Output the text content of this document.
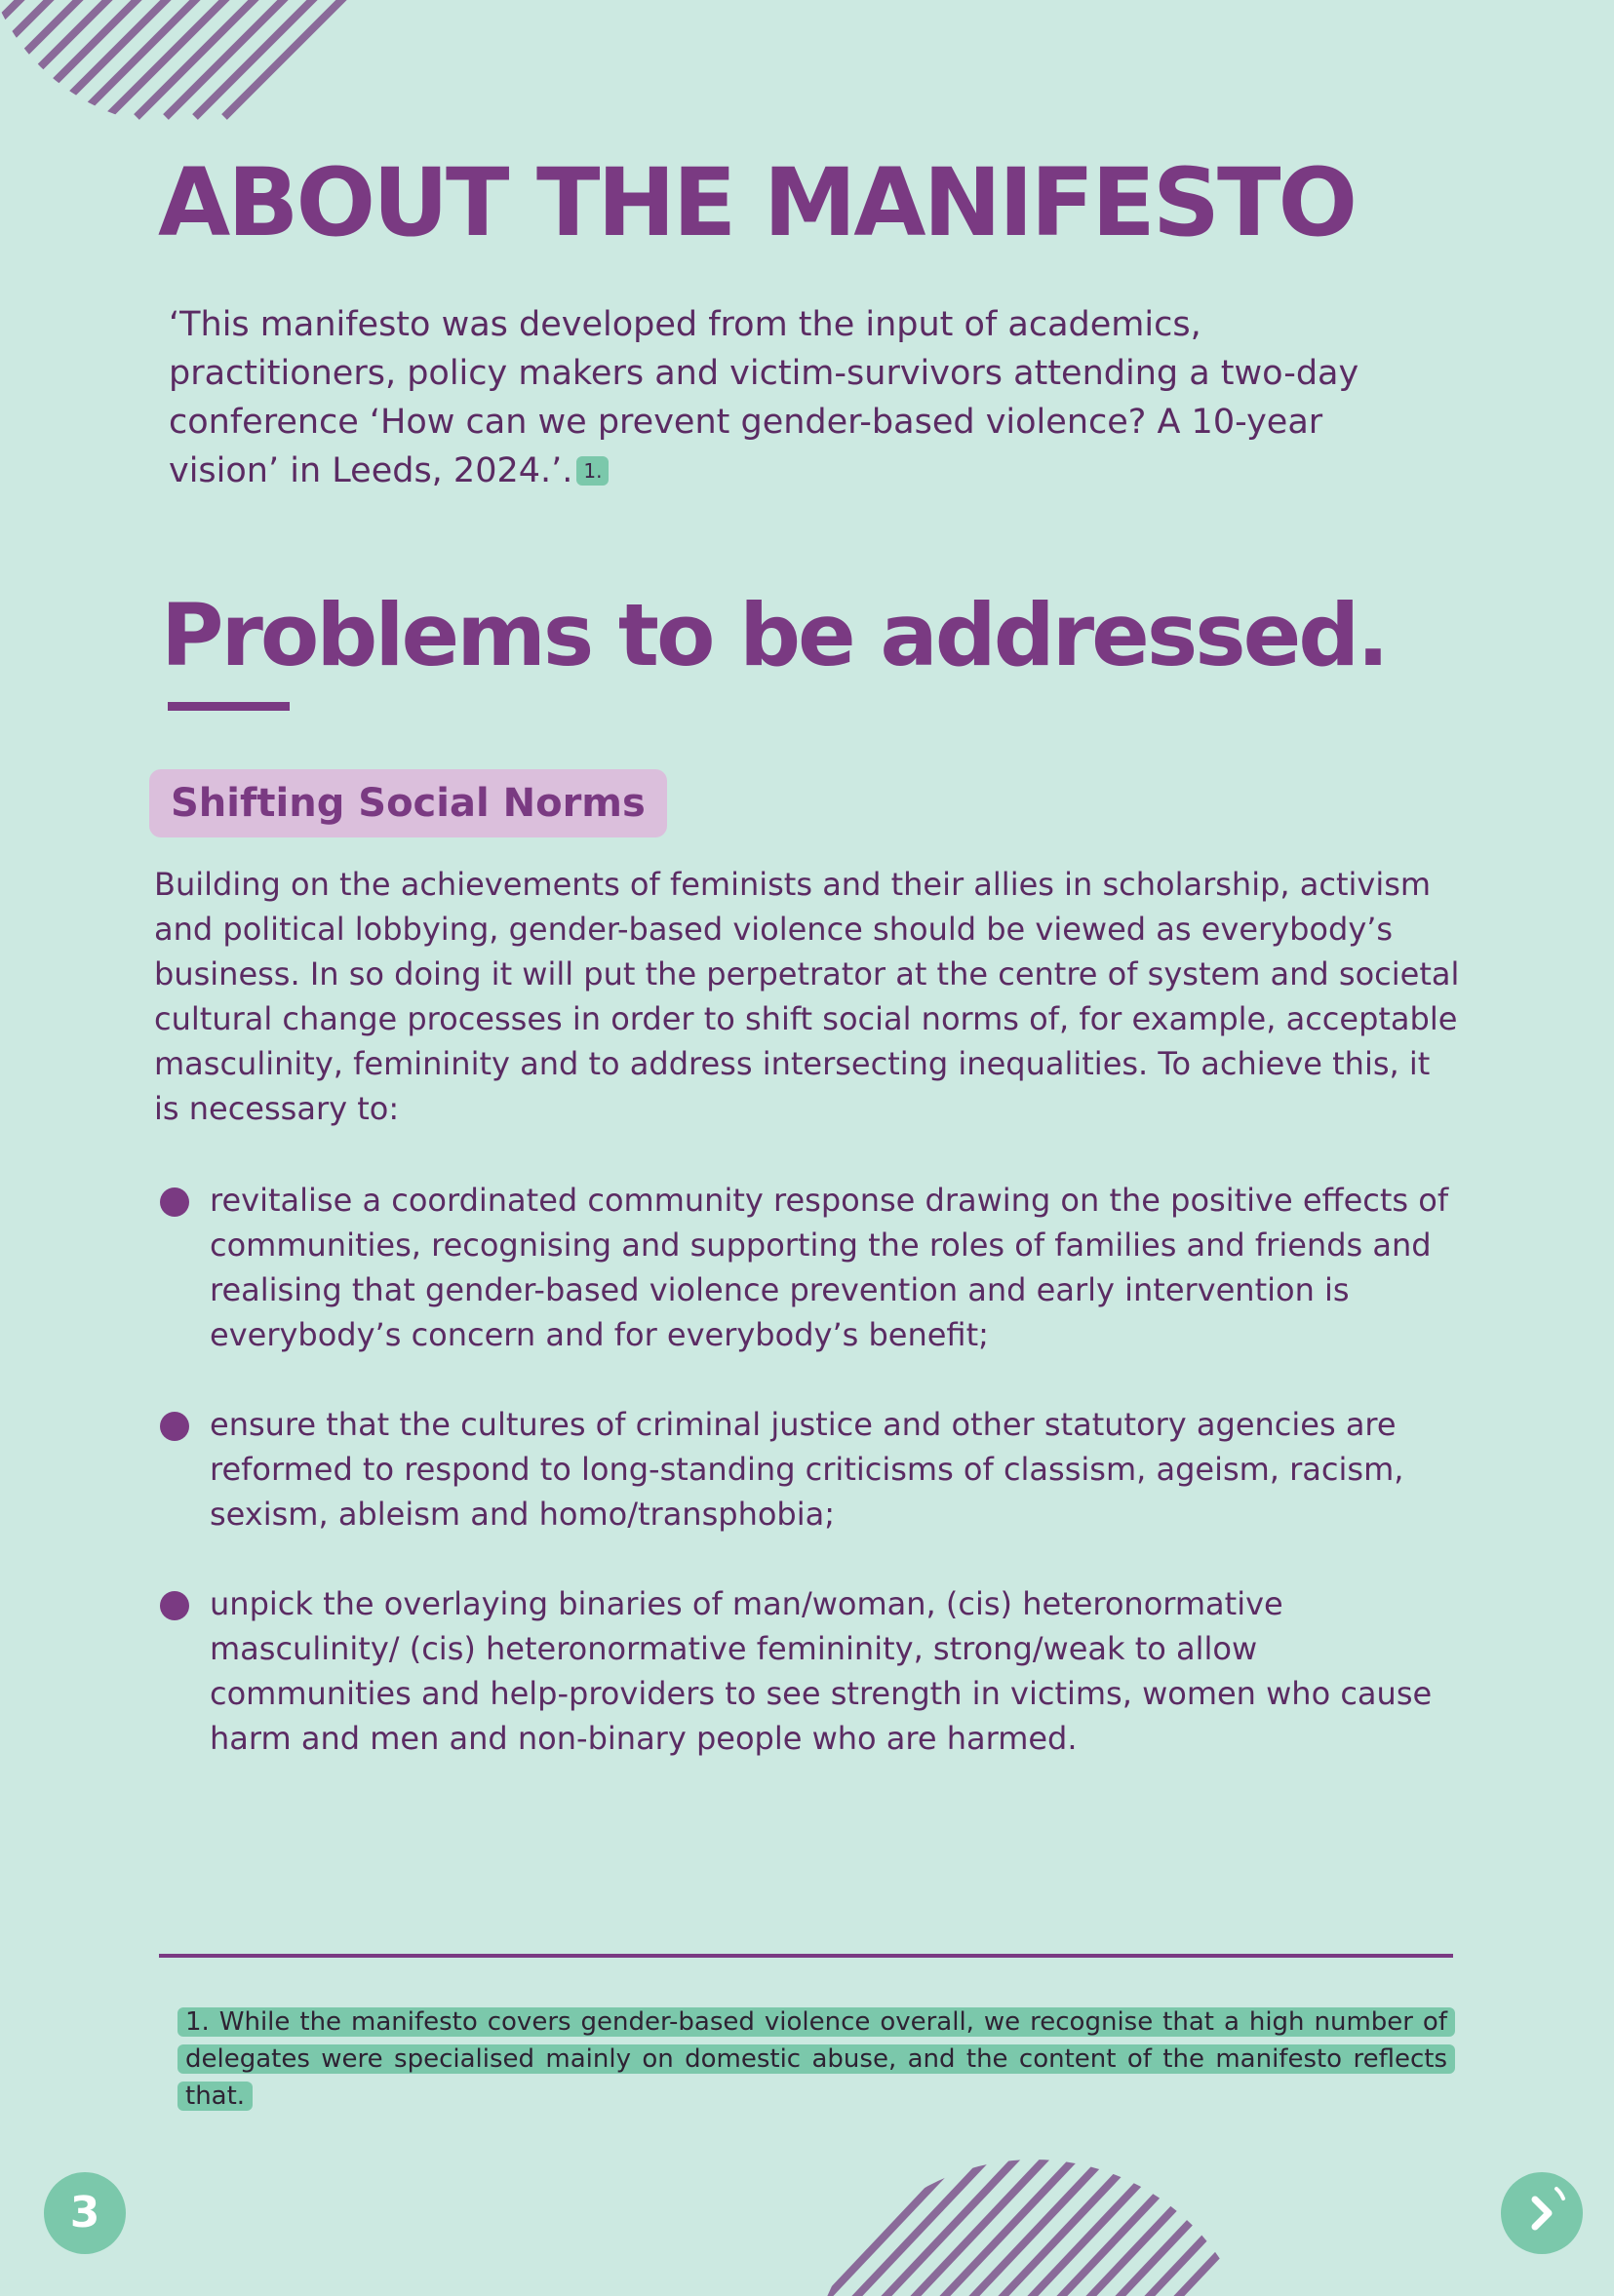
ABOUT THE MANIFESTO

‘This manifesto was developed from the input of academics, practitioners, policy makers and victim-survivors attending a two-day conference ‘How can we prevent gender-based violence? A 10-year vision’ in Leeds, 2024.’. 1.

Problems to be addressed.
Shifting Social Norms

Building on the achievements of feminists and their allies in scholarship, activism and political lobbying, gender-based violence should be viewed as everybody’s business. In so doing it will put the perpetrator at the centre of system and societal cultural change processes in order to shift social norms of, for example, acceptable masculinity, femininity and to address intersecting inequalities. To achieve this, it is necessary to:

revitalise a coordinated community response drawing on the positive effects of communities, recognising and supporting the roles of families and friends and realising that gender-based violence prevention and early intervention is everybody’s concern and for everybody’s benefit;
ensure that the cultures of criminal justice and other statutory agencies are reformed to respond to long-standing criticisms of classism, ageism, racism, sexism, ableism and homo/transphobia;
unpick the overlaying binaries of man/woman, (cis) heteronormative masculinity/ (cis) heteronormative femininity, strong/weak to allow communities and help-providers to see strength in victims, women who cause harm and men and non-binary people who are harmed.

1. While the manifesto covers gender-based violence overall, we recognise that a high number of delegates were specialised mainly on domestic abuse, and the content of the manifesto reflects that.

3
